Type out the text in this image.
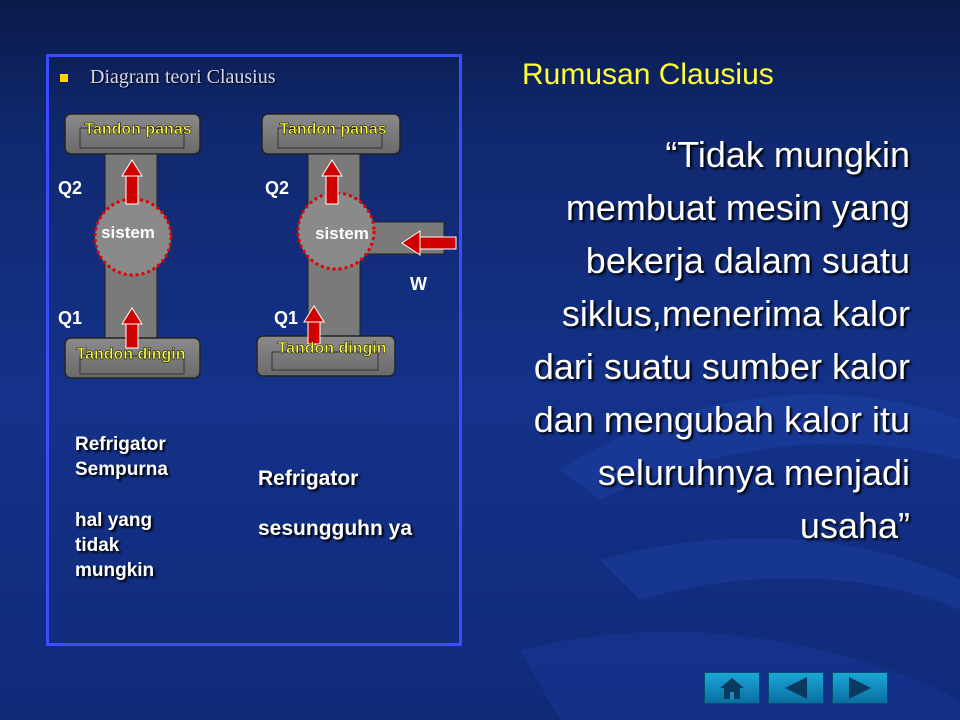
Diagram teori Clausius
Tandon panas
Tandon dingin
sistem
Q2
Q1
Tandon panas
Tandon dingin
sistem
Q2
Q1
W
Refrigator Sempurna
hal yang tidak mungkin
Refrigator
sesungguhn ya
Rumusan Clausius
“Tidak mungkin membuat mesin yang bekerja dalam suatu siklus,menerima kalor dari suatu sumber kalor dan mengubah kalor itu seluruhnya menjadi usaha”
